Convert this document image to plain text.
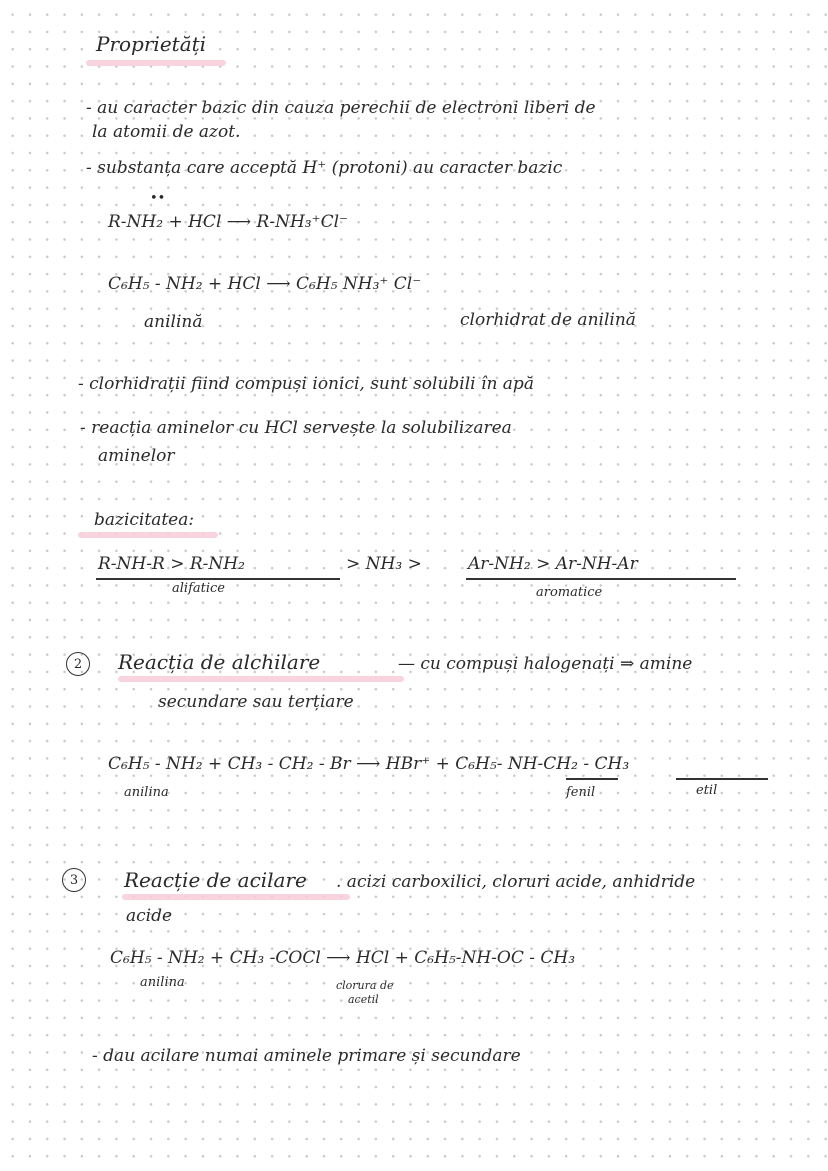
Proprietăți
- au caracter bazic din cauza perechii de electroni liberi de
la atomii de azot.
- substanța care acceptă H⁺ (protoni) au caracter bazic
••
R-NH₂ + HCl ⟶ R-NH₃⁺Cl⁻
C₆H₅ - NH₂ + HCl ⟶ C₆H₅ NH₃⁺ Cl⁻
anilină	clorhidrat de anilină
- clorhidrații fiind compuși ionici, sunt solubili în apă
- reacția aminelor cu HCl servește la solubilizarea
aminelor
bazicitatea:
R-NH-R > R-NH₂	> NH₃ >	Ar-NH₂ > Ar-NH-Ar
alifatice	aromatice
2	Reacția de alchilare	— cu compuși halogenați ⇒ amine
secundare sau terțiare
C₆H₅ - NH₂ + CH₃ - CH₂ - Br ⟶ HBr⁺ + C₆H₅- NH-CH₂ - CH₃
anilina	fenil	etil
3	Reacție de acilare . acizi carboxilici, cloruri acide, anhidride
acide
C₆H₅ - NH₂ + CH₃ -COCl ⟶ HCl + C₆H₅-NH-OC - CH₃
anilina	clorura de
acetil
- dau acilare numai aminele primare și secundare
